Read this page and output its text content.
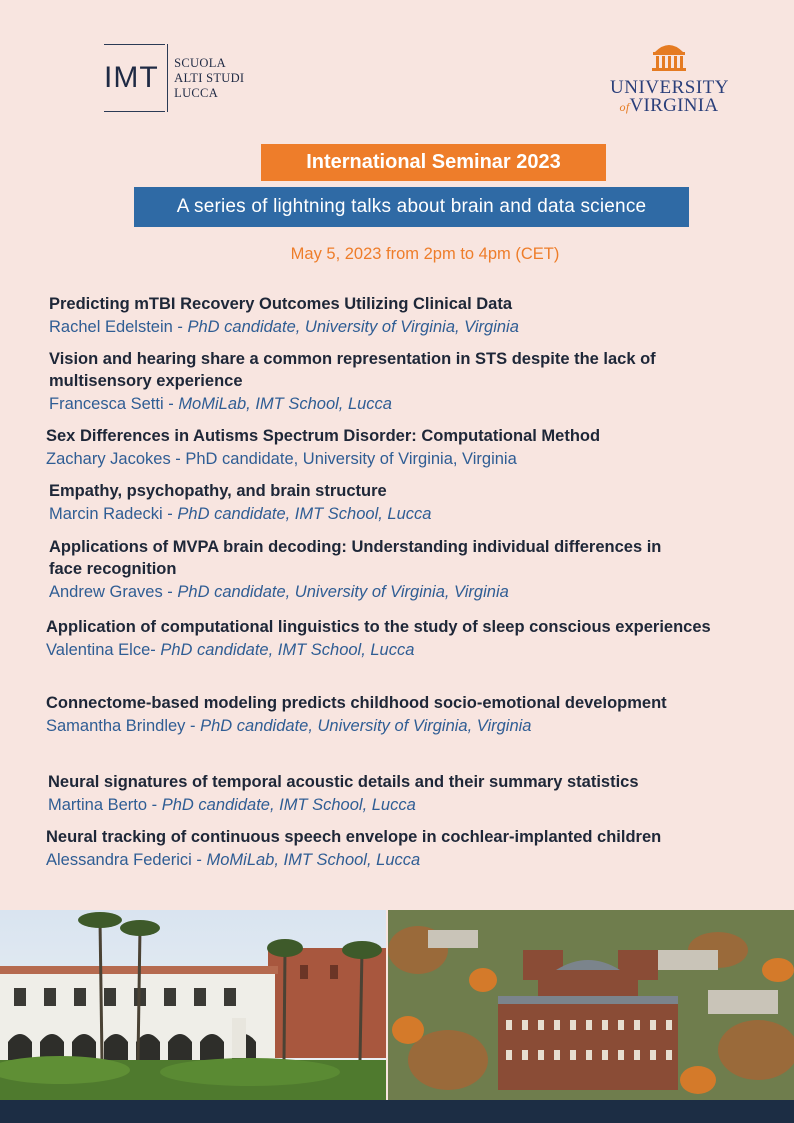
IMT	SCUOLA
ALTI STUDI
LUCCA	UNIVERSITY
ofVIRGINIA
International Seminar 2023
A series of lightning talks about brain and data science
May 5, 2023 from 2pm to 4pm (CET)
Predicting mTBI Recovery Outcomes Utilizing Clinical Data
Rachel Edelstein - PhD candidate, University of Virginia, Virginia
Vision and hearing share a common representation in STS despite the lack of multisensory experience
Francesca Setti - MoMiLab, IMT School, Lucca
Sex Differences in Autisms Spectrum Disorder: Computational Method
Zachary Jacokes - PhD candidate, University of Virginia, Virginia
Empathy, psychopathy, and brain structure
Marcin Radecki - PhD candidate, IMT School, Lucca
Applications of MVPA brain decoding: Understanding individual differences in face recognition
Andrew Graves - PhD candidate, University of Virginia, Virginia
Application of computational linguistics to the study of sleep conscious experiences
Valentina Elce- PhD candidate, IMT School, Lucca
Connectome-based modeling predicts childhood socio-emotional development
Samantha Brindley - PhD candidate, University of Virginia, Virginia
Neural signatures of temporal acoustic details and their summary statistics
Martina Berto - PhD candidate, IMT School, Lucca
Neural tracking of continuous speech envelope in cochlear-implanted children
Alessandra Federici - MoMiLab, IMT School, Lucca
